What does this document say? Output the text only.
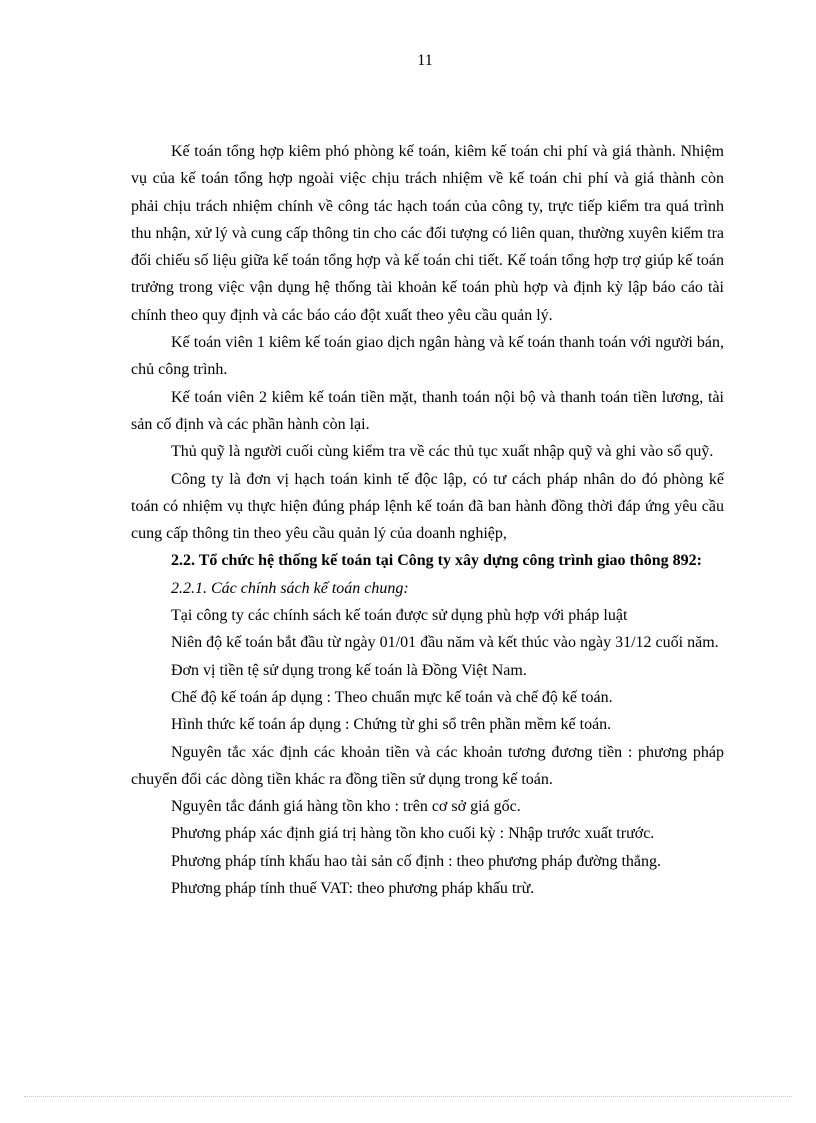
11

Kế toán tổng hợp kiêm phó phòng kế toán, kiêm kế toán chi phí và giá thành. Nhiệm vụ của kế toán tổng hợp ngoài việc chịu trách nhiệm về kế toán chi phí và giá thành còn phải chịu trách nhiệm chính về công tác hạch toán của công ty, trực tiếp kiểm tra quá trình thu nhận, xử lý và cung cấp thông tin cho các đối tượng có liên quan, thường xuyên kiểm tra đối chiếu số liệu giữa kế toán tổng hợp và kế toán chi tiết. Kế toán tổng hợp trợ giúp kế toán trưởng trong việc vận dụng hệ thống tài khoản kế toán phù hợp và định kỳ lập báo cáo tài chính theo quy định và các báo cáo đột xuất theo yêu cầu quản lý.

Kế toán viên 1 kiêm kế toán giao dịch ngân hàng và kế toán thanh toán với người bán, chủ công trình.

Kế toán viên 2 kiêm kế toán tiền mặt, thanh toán nội bộ và thanh toán tiền lương, tài sản cố định và các phần hành còn lại.

Thủ quỹ là người cuối cùng kiểm tra về các thủ tục xuất nhập quỹ và ghi vào sổ quỹ.

Công ty là đơn vị hạch toán kinh tế độc lập, có tư cách pháp nhân do đó phòng kế toán có nhiệm vụ thực hiện đúng pháp lệnh kế toán đã ban hành đồng thời đáp ứng yêu cầu cung cấp thông tin theo yêu cầu quản lý của doanh nghiệp,

2.2. Tổ chức hệ thống kế toán tại Công ty xây dựng công trình giao thông 892:

2.2.1. Các chính sách kế toán chung:

Tại công ty các chính sách kế toán được sử dụng phù hợp với pháp luật

Niên độ kế toán bắt đầu từ ngày 01/01 đầu năm và kết thúc vào ngày 31/12 cuối năm.

Đơn vị tiền tệ sử dụng trong kế toán là Đồng Việt Nam.

Chế độ kế toán áp dụng : Theo chuẩn mực kế toán và chế độ kế toán.

Hình thức kế toán áp dụng : Chứng từ ghi sổ trên phần mềm kế toán.

Nguyên tắc xác định các khoản tiền và các khoản tương đương tiền : phương pháp chuyển đổi các dòng tiền khác ra đồng tiền sử dụng trong kế toán.

Nguyên tắc đánh giá hàng tồn kho : trên cơ sở giá gốc.

Phương pháp xác định giá trị hàng tồn kho cuối kỳ : Nhập trước xuất trước.

Phương pháp tính khấu hao tài sản cố định : theo phương pháp đường thẳng.

Phương pháp tính thuế VAT: theo phương pháp khấu trừ.
